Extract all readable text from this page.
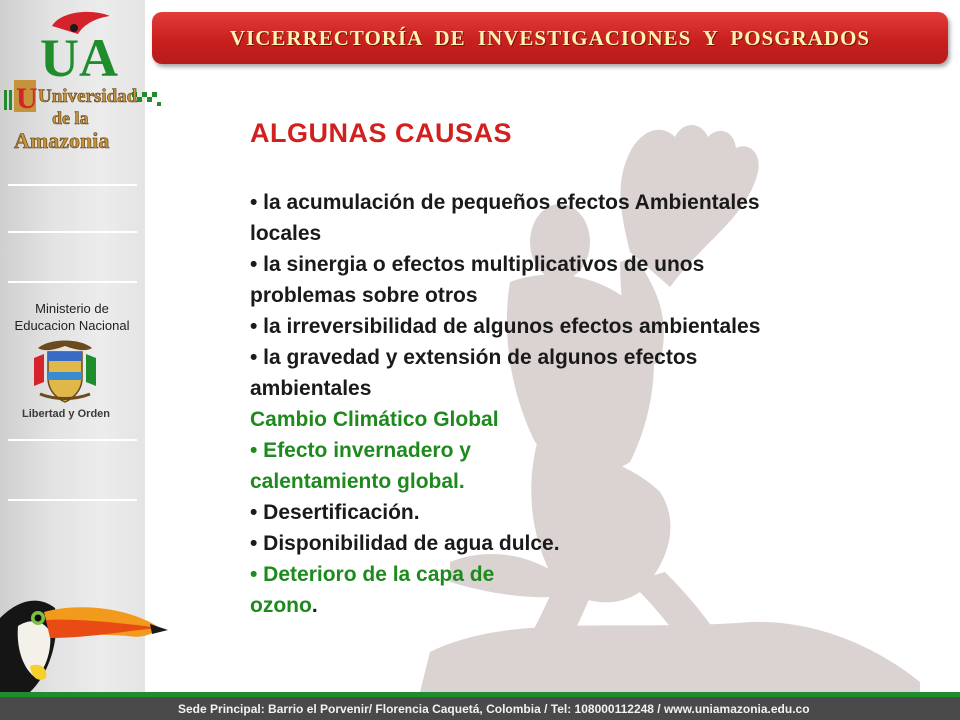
VICERRECTORÍA DE INVESTIGACIONES Y POSGRADOS
UA
U Universidad
de la
Amazonia
Ministerio de
Educacion Nacional
Libertad y Orden
ALGUNAS CAUSAS
• la acumulación de pequeños efectos Ambientales
locales
• la sinergia o efectos multiplicativos de unos
problemas sobre otros
• la irreversibilidad de algunos efectos ambientales
• la gravedad y extensión de algunos efectos
ambientales
Cambio Climático Global
• Efecto invernadero y
calentamiento global.
• Desertificación.
• Disponibilidad de agua dulce.
• Deterioro de la capa de
ozono.
Sede Principal: Barrio el Porvenir/ Florencia Caquetá, Colombia / Tel: 108000112248 / www.uniamazonia.edu.co
